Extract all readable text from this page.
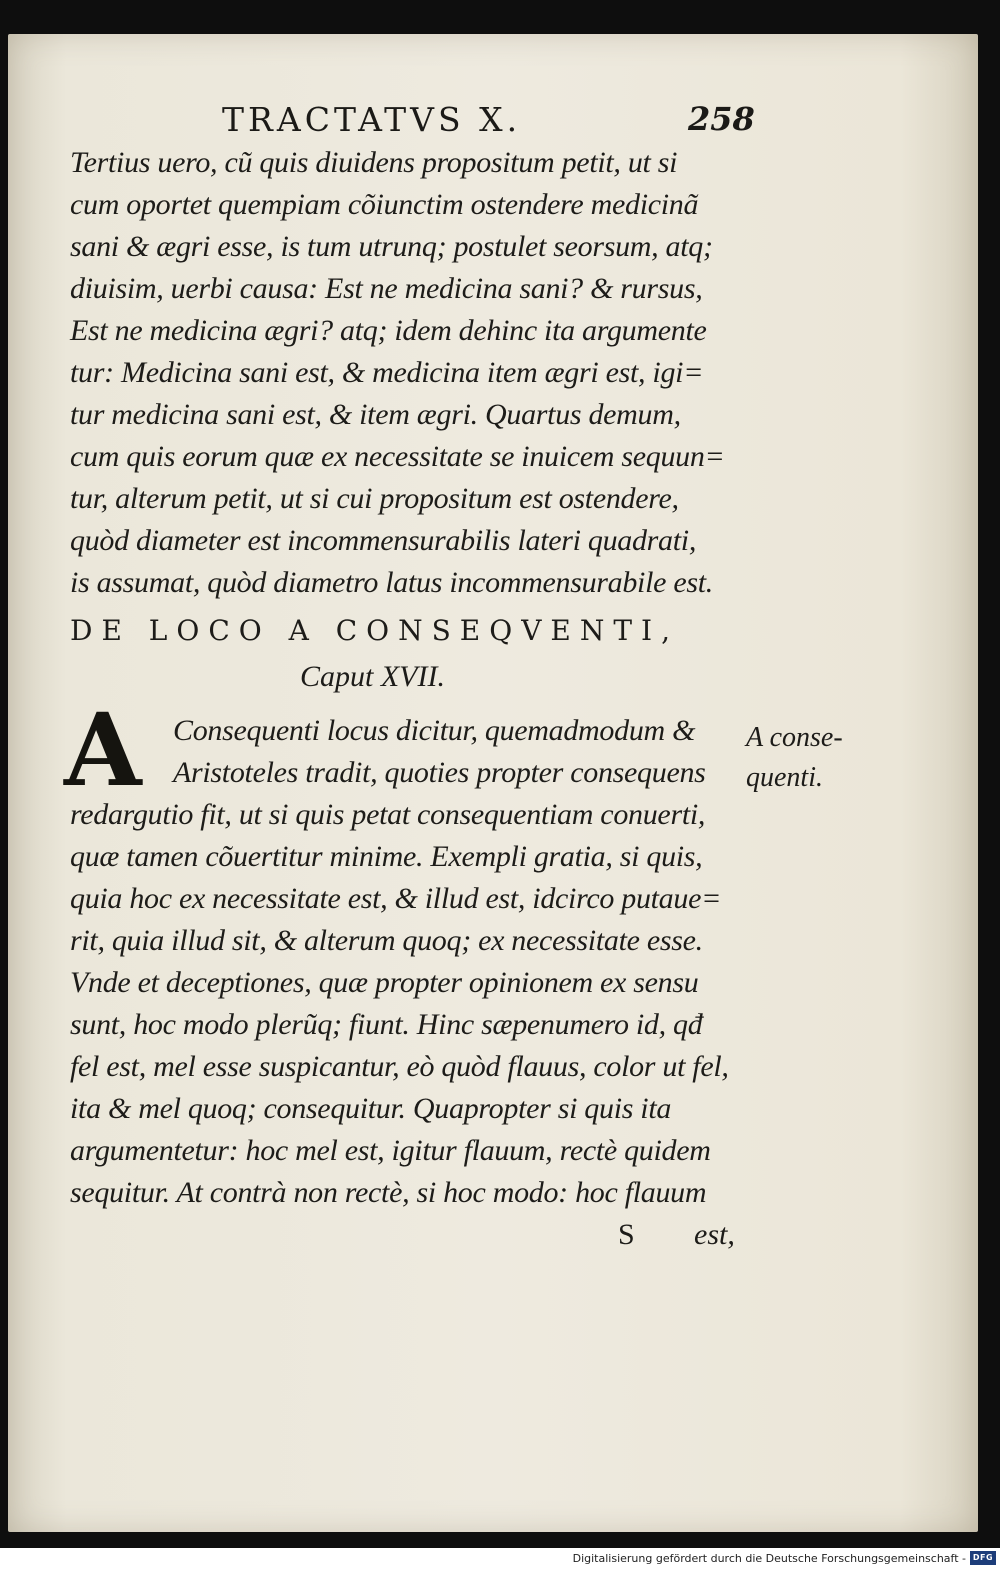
TRACTATVS X.	258
Tertius uero, cũ quis diuidens propositum petit, ut si
cum oportet quempiam cõiunctim ostendere medicinã
sani & ægri esse, is tum utrunq; postulet seorsum, atq;
diuisim, uerbi causa: Est ne medicina sani? & rursus,
Est ne medicina ægri? atq; idem dehinc ita argumente
tur: Medicina sani est, & medicina item ægri est, igi=
tur medicina sani est, & item ægri. Quartus demum,
cum quis eorum quæ ex necessitate se inuicem sequun=
tur, alterum petit, ut si cui propositum est ostendere,
quòd diameter est incommensurabilis lateri quadrati,
is assumat, quòd diametro latus incommensurabile est.
DE LOCO A CONSEQVENTI,
Caput XVII.
A	Consequenti locus dicitur, quemadmodum &
Aristoteles tradit, quoties propter consequens
redargutio fit, ut si quis petat consequentiam conuerti,
quæ tamen cõuertitur minime. Exempli gratia, si quis,
quia hoc ex necessitate est, & illud est, idcirco putaue=
rit, quia illud sit, & alterum quoq; ex necessitate esse.
Vnde et deceptiones, quæ propter opinionem ex sensu
sunt, hoc modo plerũq; fiunt. Hinc sæpenumero id, qđ
fel est, mel esse suspicantur, eò quòd flauus, color ut fel,
ita & mel quoq; consequitur. Quapropter si quis ita
argumentetur: hoc mel est, igitur flauum, rectè quidem
sequitur. At contrà non rectè, si hoc modo: hoc flauum
S est,
A conse-
quenti.
Digitalisierung gefördert durch die Deutsche Forschungsgemeinschaft - DFG
